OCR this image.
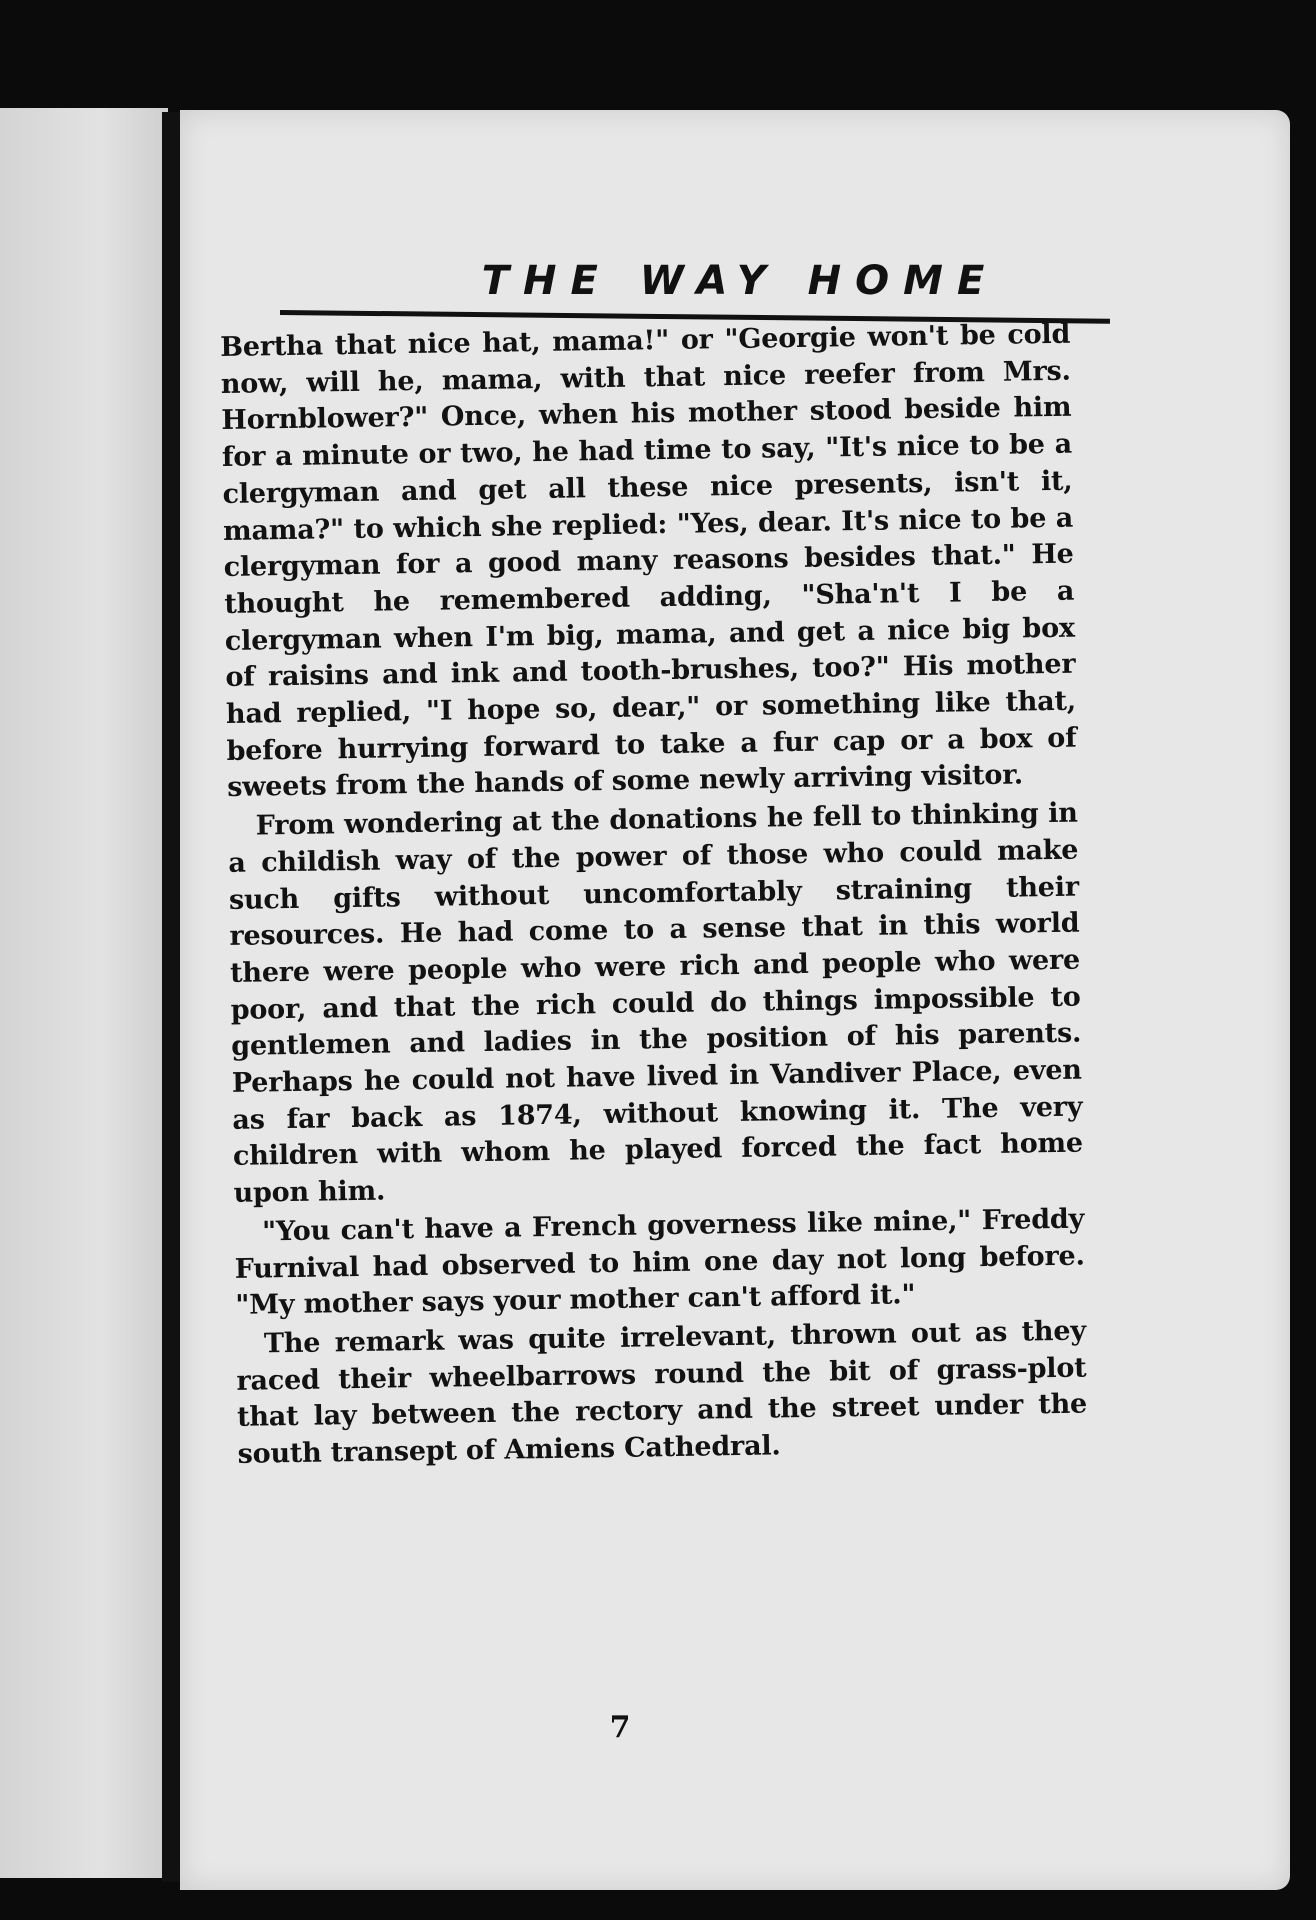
THE WAY HOME

Bertha that nice hat, mama!" or "Georgie won't be cold now, will he, mama, with that nice reefer from Mrs. Hornblower?" Once, when his mother stood beside him for a minute or two, he had time to say, "It's nice to be a clergyman and get all these nice presents, isn't it, mama?" to which she replied: "Yes, dear. It's nice to be a clergyman for a good many reasons besides that." He thought he remembered adding, "Sha'n't I be a clergyman when I'm big, mama, and get a nice big box of raisins and ink and tooth-brushes, too?" His mother had replied, "I hope so, dear," or something like that, before hurrying forward to take a fur cap or a box of sweets from the hands of some newly arriving visitor.

From wondering at the donations he fell to thinking in a childish way of the power of those who could make such gifts without uncomfortably straining their resources. He had come to a sense that in this world there were people who were rich and people who were poor, and that the rich could do things impossible to gentlemen and ladies in the position of his parents. Perhaps he could not have lived in Vandiver Place, even as far back as 1874, without knowing it. The very children with whom he played forced the fact home upon him.

"You can't have a French governess like mine," Freddy Furnival had observed to him one day not long before. "My mother says your mother can't afford it."

The remark was quite irrelevant, thrown out as they raced their wheelbarrows round the bit of grass-plot that lay between the rectory and the street under the south transept of Amiens Cathedral.

7
